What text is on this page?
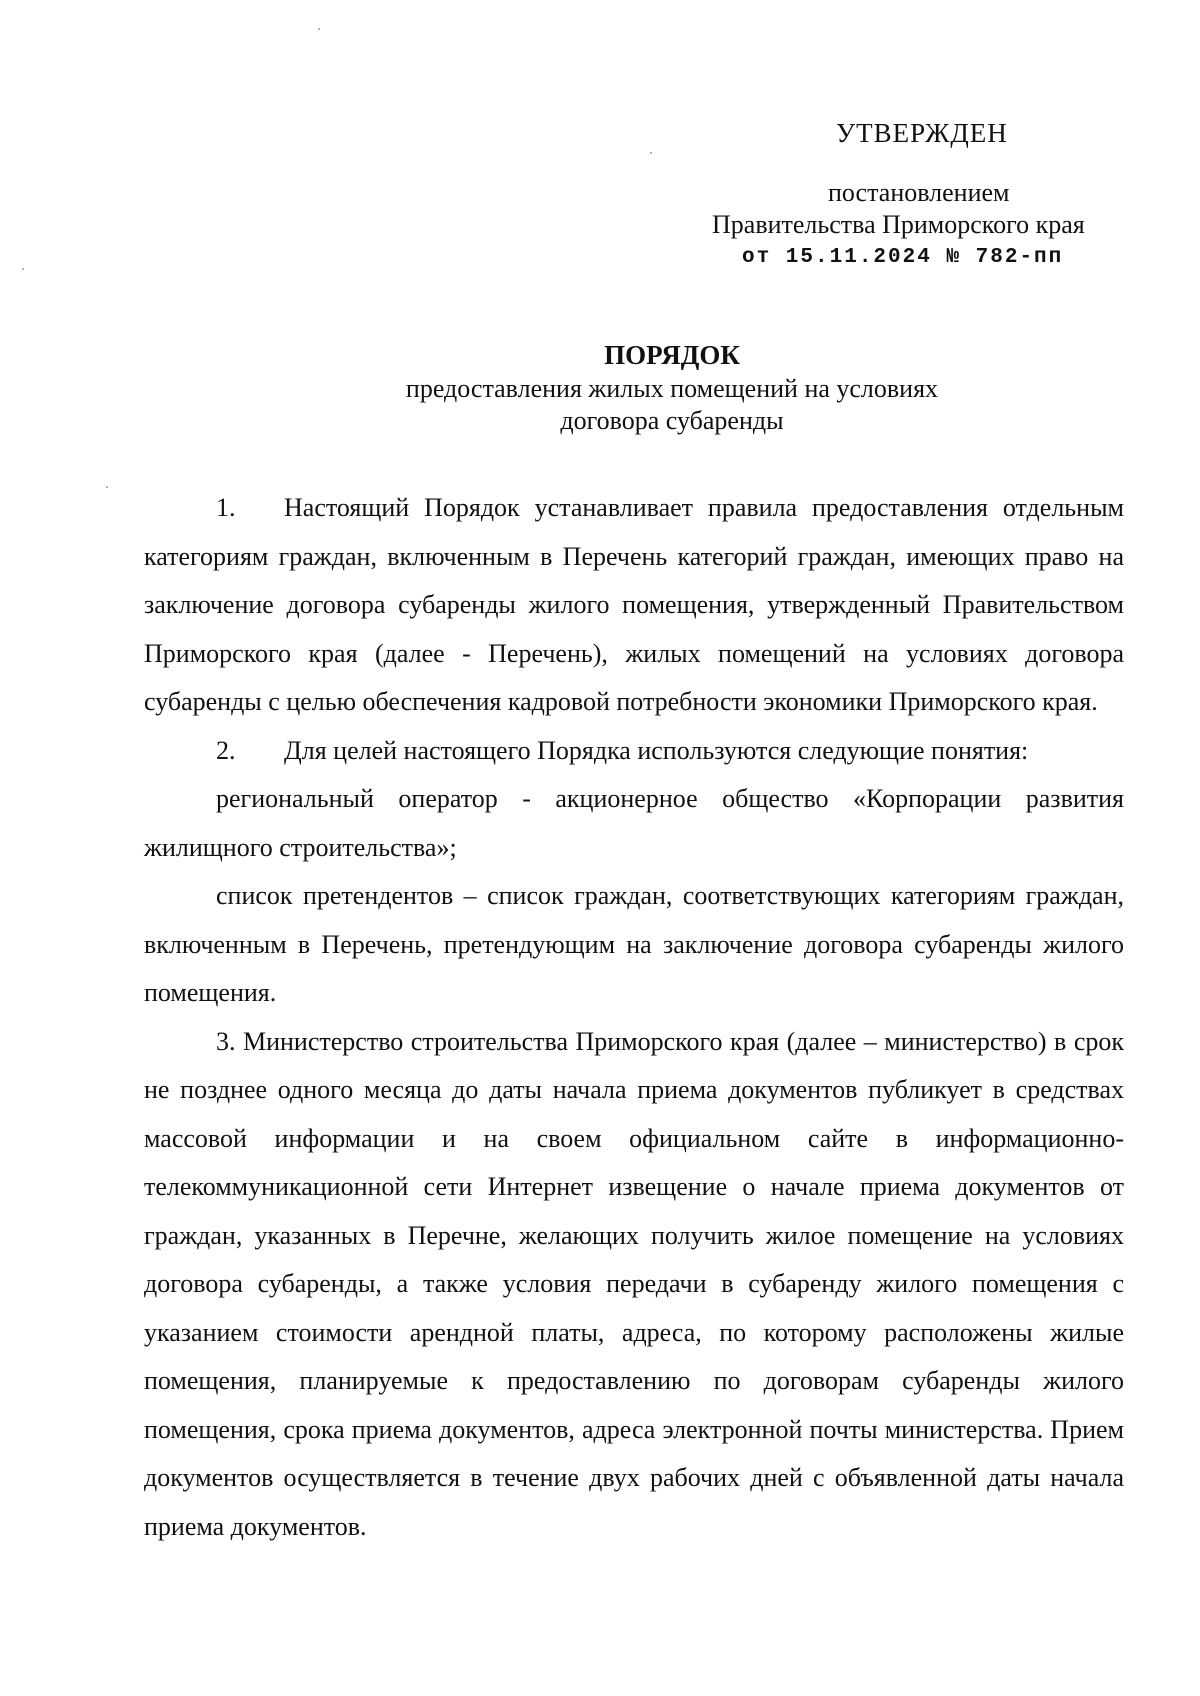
УТВЕРЖДЕН
постановлением
Правительства Приморского края
от 15.11.2024 № 782-пп
ПОРЯДОК
предоставления жилых помещений на условиях
договора субаренды

1. Настоящий Порядок устанавливает правила предоставления отдельным категориям граждан, включенным в Перечень категорий граждан, имеющих право на заключение договора субаренды жилого помещения, утвержденный Правительством Приморского края (далее - Перечень), жилых помещений на условиях договора субаренды с целью обеспечения кадровой потребности экономики Приморского края.

2. Для целей настоящего Порядка используются следующие понятия:

региональный оператор - акционерное общество «Корпорации развития жилищного строительства»;

список претендентов – список граждан, соответствующих категориям граждан, включенным в Перечень, претендующим на заключение договора субаренды жилого помещения.

3. Министерство строительства Приморского края (далее – министерство) в срок не позднее одного месяца до даты начала приема документов публикует в средствах массовой информации и на своем официальном сайте в информационно-телекоммуникационной сети Интернет извещение о начале приема документов от граждан, указанных в Перечне, желающих получить жилое помещение на условиях договора субаренды, а также условия передачи в субаренду жилого помещения с указанием стоимости арендной платы, адреса, по которому расположены жилые помещения, планируемые к предоставлению по договорам субаренды жилого помещения, срока приема документов, адреса электронной почты министерства. Прием документов осуществляется в течение двух рабочих дней с объявленной даты начала приема документов.
